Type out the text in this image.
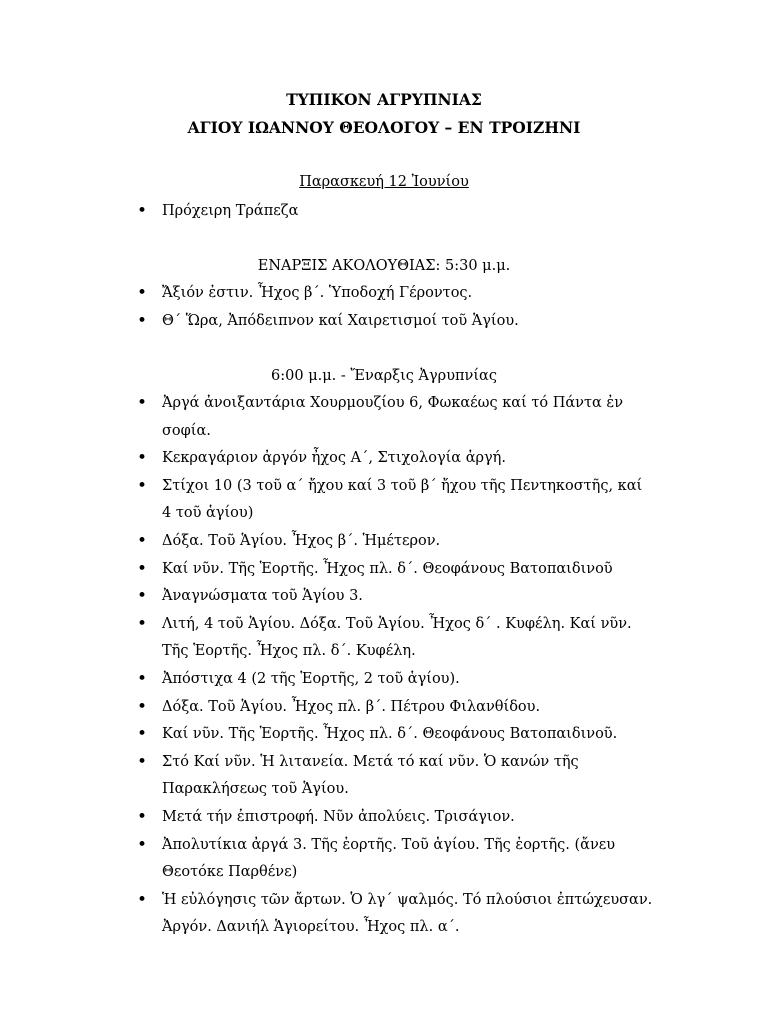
ΤΥΠΙΚΟΝ ΑΓΡΥΠΝΙΑΣ
ΑΓΙΟΥ ΙΩΑΝΝΟΥ ΘΕΟΛΟΓΟΥ – ΕΝ ΤΡΟΙΖΗΝΙ
Παρασκευή 12 Ἰουνίου
• Πρόχειρη Τράπεζα
ΕΝΑΡΞΙΣ ΑΚΟΛΟΥΘΙΑΣ: 5:30 μ.μ.
• Ἄξιόν ἐστιν. Ἦχος β΄. Ὑποδοχή Γέροντος.
• Θ΄ Ὥρα, Ἀπόδειπνον καί Χαιρετισμοί τοῦ Ἁγίου.
6:00 μ.μ. - Ἔναρξις Ἀγρυπνίας
• Ἀργά ἀνοιξαντάρια Χουρμουζίου 6, Φωκαέως καί τό Πάντα ἐν σοφία.
• Κεκραγάριον ἀργόν ἦχος Α΄, Στιχολογία ἀργή.
• Στίχοι 10 (3 τοῦ α΄ ἤχου καί 3 τοῦ β΄ ἤχου τῆς Πεντηκοστῆς, καί 4 τοῦ ἁγίου)
• Δόξα. Τοῦ Ἁγίου. Ἦχος β΄. Ἡμέτερον.
• Καί νῦν. Τῆς Ἑορτῆς. Ἦχος πλ. δ΄. Θεοφάνους Βατοπαιδινοῦ
• Ἀναγνώσματα τοῦ Ἁγίου 3.
• Λιτή, 4 τοῦ Ἁγίου. Δόξα. Τοῦ Ἁγίου. Ἦχος δ΄ . Κυφέλη. Καί νῦν. Τῆς Ἑορτῆς. Ἦχος πλ. δ΄. Κυφέλη.
• Ἀπόστιχα 4 (2 τῆς Ἑορτῆς, 2 τοῦ ἁγίου).
• Δόξα. Τοῦ Ἁγίου. Ἦχος πλ. β΄. Πέτρου Φιλανθίδου.
• Καί νῦν. Τῆς Ἑορτῆς. Ἦχος πλ. δ΄. Θεοφάνους Βατοπαιδινοῦ.
• Στό Καί νῦν. Ἡ λιτανεία. Μετά τό καί νῦν. Ὁ κανών τῆς Παρακλήσεως τοῦ Ἁγίου.
• Μετά τήν ἐπιστροφή. Νῦν ἀπολύεις. Τρισάγιον.
• Ἀπολυτίκια ἀργά 3. Τῆς ἑορτῆς. Τοῦ ἁγίου. Τῆς ἑορτῆς. (ἄνευ Θεοτόκε Παρθένε)
• Ἡ εὐλόγησις τῶν ἄρτων. Ὁ λγ΄ ψαλμός. Τό πλούσιοι ἐπτώχευσαν. Ἀργόν. Δανιήλ Ἁγιορείτου. Ἦχος πλ. α΄.
